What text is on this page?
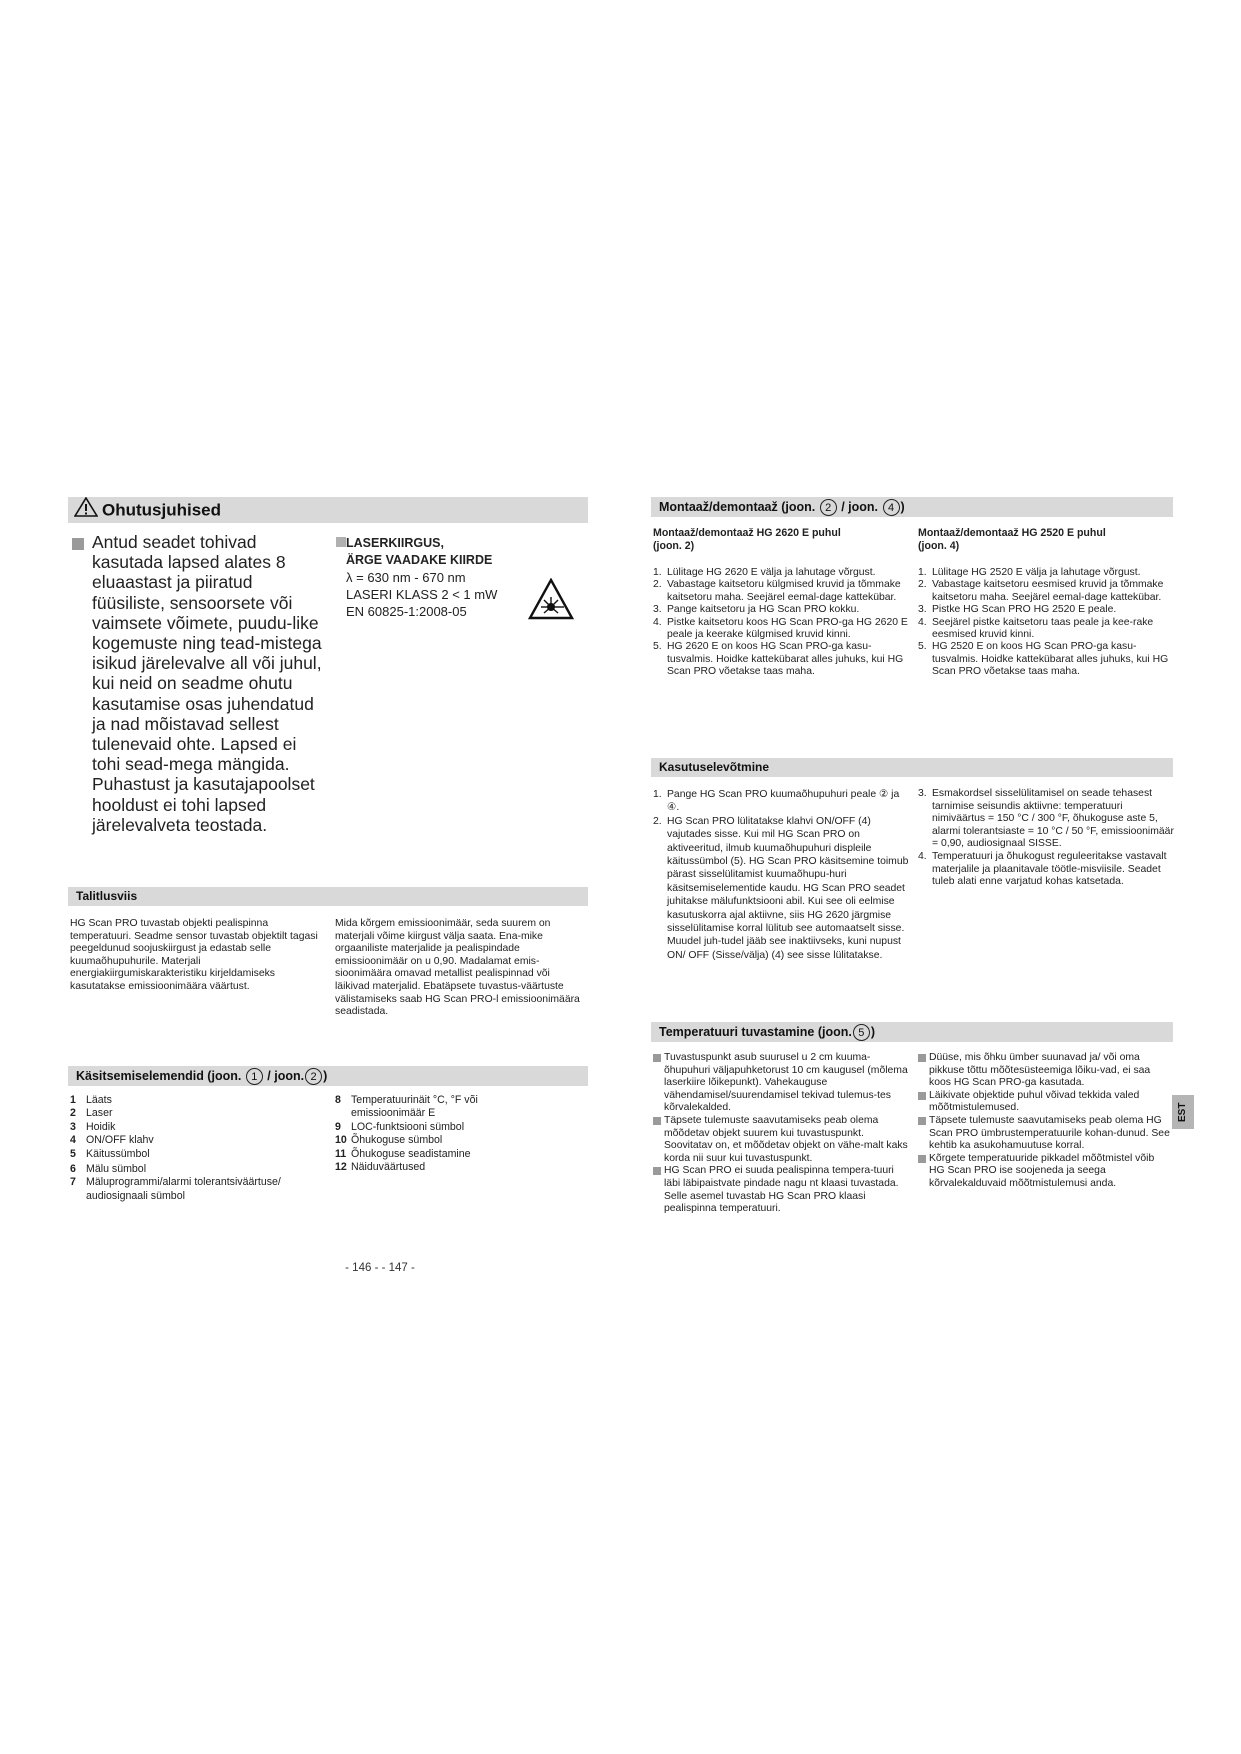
Ohutusjuhised
Antud seadet tohivad kasutada lapsed alates 8 eluaastast ja piiratud füüsiliste, sensoorsete või vaimsete võimete, puudu-like kogemuste ning tead-mistega isikud järelevalve all või juhul, kui neid on seadme ohutu kasutamise osas juhendatud ja nad mõistavad sellest tulenevaid ohte. Lapsed ei tohi sead-mega mängida. Puhastust ja kasutajapoolset hooldust ei tohi lapsed järelevalveta teostada.
LASERKIIRGUS,
ÄRGE VAADAKE KIIRDE
λ = 630 nm - 670 nm
LASERI KLASS 2 < 1 mW
EN 60825-1:2008-05
Talitlusviis
HG Scan PRO tuvastab objekti pealispinna temperatuuri. Seadme sensor tuvastab objektilt tagasi peegeldunud soojuskiirgust ja edastab selle kuumaõhupuhurile. Materjali energiakiirgumiskarakteristiku kirjeldamiseks kasutatakse emissioonimäära väärtust.
Mida kõrgem emissioonimäär, seda suurem on materjali võime kiirgust välja saata. Ena-mike orgaaniliste materjalide ja pealispindade emissioonimäär on u 0,90. Madalamat emis-sioonimäära omavad metallist pealispinnad või läikivad materjalid. Ebatäpsete tuvastus-väärtuste välistamiseks saab HG Scan PRO-l emissioonimäära seadistada.
Käsitsemiselemendid (joon. 1 / joon. 2 )
1 Läats
2 Laser
3 Hoidik
4 ON/OFF klahv
5 Käitussümbol
6 Mälu sümbol
7 Mäluprogrammi/alarmi tolerantsiväärtuse/ audiosignaali sümbol
8 Temperatuurinäit °C, °F või emissioonimäär E
9 LOC-funktsiooni sümbol
10 Õhukoguse sümbol
11 Õhukoguse seadistamine
12 Näiduväärtused
- 146 - - 147 -
Montaaž/demontaaž (joon. 2 / joon. 4 )
Montaaž/demontaaž HG 2620 E puhul (joon. 2)
Montaaž/demontaaž HG 2520 E puhul (joon. 4)
1. Lülitage HG 2620 E välja ja lahutage võrgust.
2. Vabastage kaitsetoru külgmised kruvid ja tõmmake kaitsetoru maha. Seejärel eemal-dage kattekübar.
3. Pange kaitsetoru ja HG Scan PRO kokku.
4. Pistke kaitsetoru koos HG Scan PRO-ga HG 2620 E peale ja keerake külgmised kruvid kinni.
5. HG 2620 E on koos HG Scan PRO-ga kasu-tusvalmis. Hoidke kattekübarat alles juhuks, kui HG Scan PRO võetakse taas maha.
1. Lülitage HG 2520 E välja ja lahutage võrgust.
2. Vabastage kaitsetoru eesmised kruvid ja tõmmake kaitsetoru maha. Seejärel eemal-dage kattekübar.
3. Pistke HG Scan PRO HG 2520 E peale.
4. Seejärel pistke kaitsetoru taas peale ja kee-rake eesmised kruvid kinni.
5. HG 2520 E on koos HG Scan PRO-ga kasu-tusvalmis. Hoidke kattekübarat alles juhuks, kui HG Scan PRO võetakse taas maha.
Kasutuselevõtmine
1. Pange HG Scan PRO kuumaõhupuhuri peale ② ja ④.
2. HG Scan PRO lülitatakse klahvi ON/OFF (4) vajutades sisse. Kui mil HG Scan PRO on aktiveeritud, ilmub kuumaõhupuhuri displeile käitussümbol (5). HG Scan PRO käsitsemine toimub pärast sisselülitamist kuumaõhupu-huri käsitsemiselementide kaudu. HG Scan PRO seadet juhitakse mälufunktsiooni abil. Kui see oli eelmise kasutuskorra ajal aktiivne, siis HG 2620 järgmise sisselülitamise korral lülitub see automaatselt sisse. Muudel juh-tudel jääb see inaktiivseks, kuni nupust ON/ OFF (Sisse/välja) (4) see sisse lülitatakse.
3. Esmakordsel sisselülitamisel on seade tehasest tarnimise seisundis aktiivne: temperatuuri nimiväärtus = 150 °C / 300 °F, õhukoguse aste 5, alarmi tolerantsiaste = 10 °C / 50 °F, emissioonimäär = 0,90, audiosignaal SISSE.
4. Temperatuuri ja õhukogust reguleeritakse vastavalt materjalile ja plaanitavale töötle-misviisile. Seadet tuleb alati enne varjatud kohas katsetada.
Temperatuuri tuvastamine (joon. 5 )
Tuvastuspunkt asub suurusel u 2 cm kuuma-õhupuhuri väljapuhketorust 10 cm kaugusel (mõlema laserkiire lõikepunkt). Vahekauguse vähendamisel/suurendamisel tekivad tulemus-tes kõrvalekalded.
Täpsete tulemuste saavutamiseks peab olema mõõdetav objekt suurem kui tuvastuspunkt. Soovitatav on, et mõõdetav objekt on vähe-malt kaks korda nii suur kui tuvastuspunkt.
HG Scan PRO ei suuda pealispinna tempera-tuuri läbi läbipaistvate pindade nagu nt klaasi tuvastada. Selle asemel tuvastab HG Scan PRO klaasi pealispinna temperatuuri.
Düüse, mis õhku ümber suunavad ja/ või oma pikkuse tõttu mõõtesüsteemiga lõiku-vad, ei saa koos HG Scan PRO-ga kasutada.
Läikivate objektide puhul võivad tekkida valed mõõtmistulemused.
Täpsete tulemuste saavutamiseks peab olema HG Scan PRO ümbrustemperatuurile kohan-dunud. See kehtib ka asukohamuutuse korral.
Kõrgete temperatuuride pikkadel mõõtmistel võib HG Scan PRO ise soojeneda ja seega kõrvalekalduvaid mõõtmistulemusi anda.
EST
